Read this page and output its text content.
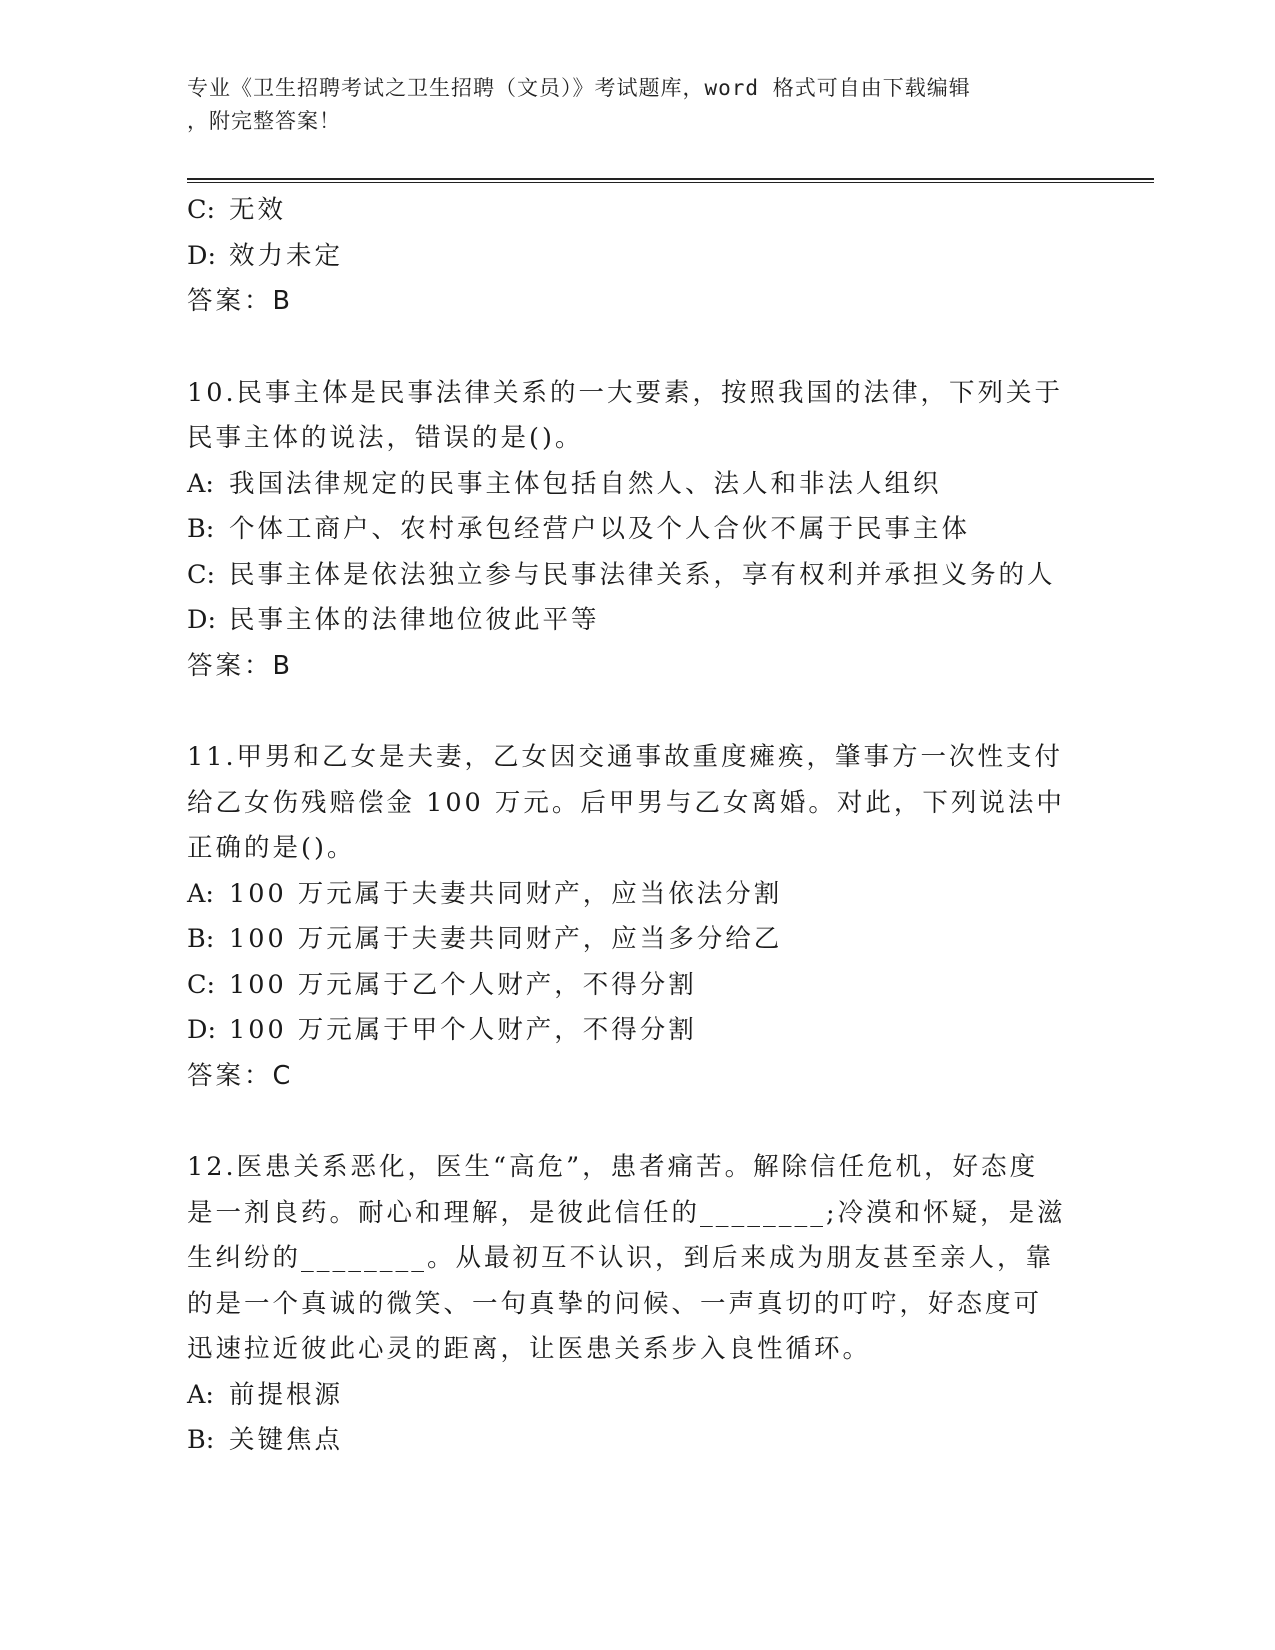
专业《卫生招聘考试之卫生招聘（文员）》考试题库，word 格式可自由下载编辑
，附完整答案！
C: 无效
D: 效力未定
答案：B
10.民事主体是民事法律关系的一大要素，按照我国的法律，下列关于
民事主体的说法，错误的是()。
A: 我国法律规定的民事主体包括自然人、法人和非法人组织
B: 个体工商户、农村承包经营户以及个人合伙不属于民事主体
C: 民事主体是依法独立参与民事法律关系，享有权利并承担义务的人
D: 民事主体的法律地位彼此平等
答案：B
11.甲男和乙女是夫妻，乙女因交通事故重度瘫痪，肇事方一次性支付
给乙女伤残赔偿金 100 万元。后甲男与乙女离婚。对此，下列说法中
正确的是()。
A: 100 万元属于夫妻共同财产，应当依法分割
B: 100 万元属于夫妻共同财产，应当多分给乙
C: 100 万元属于乙个人财产，不得分割
D: 100 万元属于甲个人财产，不得分割
答案：C
12.医患关系恶化，医生“高危”，患者痛苦。解除信任危机，好态度
是一剂良药。耐心和理解，是彼此信任的________;冷漠和怀疑，是滋
生纠纷的________。从最初互不认识，到后来成为朋友甚至亲人，靠
的是一个真诚的微笑、一句真挚的问候、一声真切的叮咛，好态度可
迅速拉近彼此心灵的距离，让医患关系步入良性循环。
A: 前提根源
B: 关键焦点
